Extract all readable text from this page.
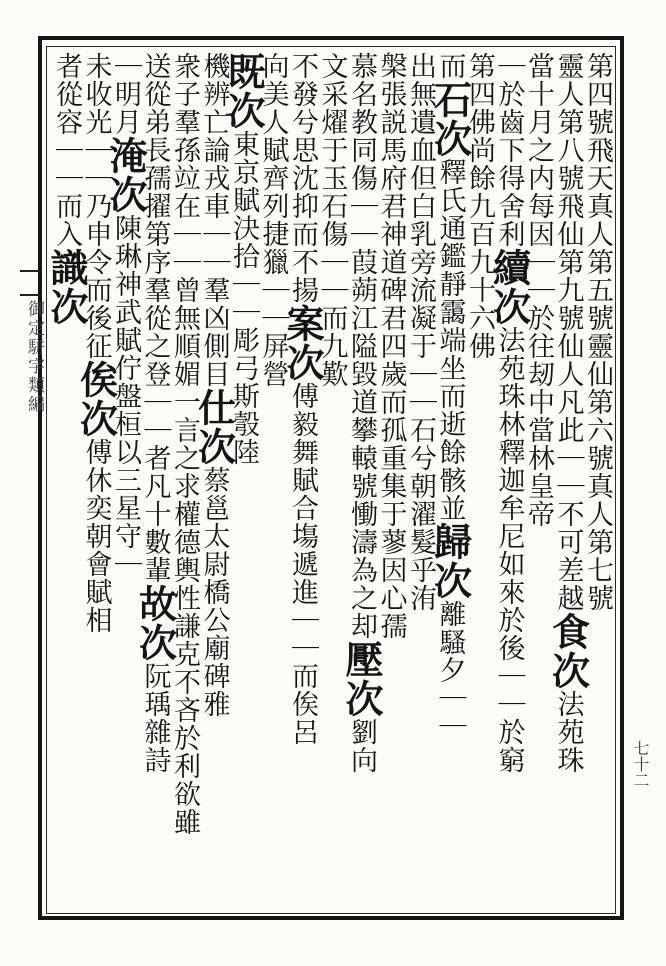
御定駢字類編
七十二
第四號飛天真人第五號靈仙第六號真人第七號
靈人第八號飛仙第九號仙人凡此｜｜不可差越食次法苑珠
當十月之内每因｜｜於往刼中當林皇帝
｜於齒下得舍利續次法苑珠林釋迦牟尼如來於後｜｜於窮
第四佛尚餘九百九十六佛
而石次釋氏通鑑靜靄端坐而逝餘骸並歸次離騷夕｜｜
出無遺血但白乳旁流凝于｜｜石兮朝濯髮乎洧
槃張説馬府君神道碑君四歲而孤重集于蓼因心孺
慕名教同傷｜｜葭蒴江隘毀道攀轅號慟濤為之却壓次劉向
文采燿于玉石傷｜｜而九歎
不發兮思沈抑而不揚案次傅毅舞賦合塲遞進｜｜而俟呂
向美人賦齊列捷獵｜｜屏營
既次東京賦決拾｜｜彫弓斯彀陸
機辨亡論戎車｜｜羣凶側目仕次蔡邕太尉橋公廟碑雅
衆子羣孫竝在｜｜曾無順媚一言之求權德輿性謙克不吝於利欲雖
送從弟長孺擢第序羣從之登｜｜者凡十數輩故次阮瑀雜詩
｜明月淹次陳琳神武賦佇盤桓以三星守｜
未收光｜｜乃申令而後征俟次傅休奕朝會賦相
者從容｜｜而入識次
